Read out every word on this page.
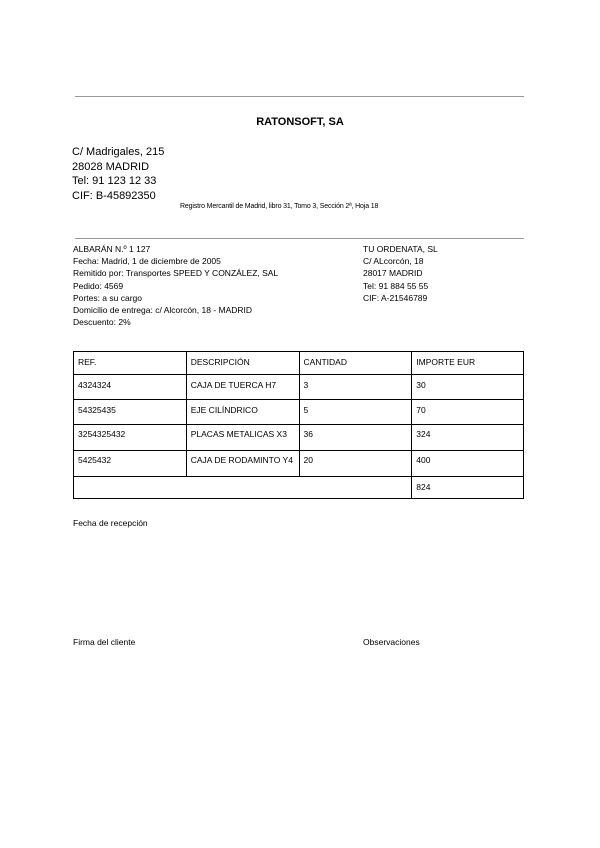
RATONSOFT, SA
C/ Madrigales, 215
28028 MADRID
Tel: 91 123 12 33
CIF: B-45892350
Registro Mercantil de Madrid, libro 31, Tomo 3, Sección 2ª, Hoja 18
ALBARÁN N.º 1 127
Fecha: Madrid, 1 de diciembre de 2005
Remitido por: Transportes SPEED Y CONZÁLEZ, SAL
Pedido: 4569
Portes: a su cargo
Domicilio de entrega: c/ Alcorcón, 18 - MADRID
Descuento: 2%
TU ORDENATA, SL
C/ ALcorcón, 18
28017 MADRID
Tel: 91 884 55 55
CIF: A-21546789
REF.	DESCRIPCIÓN	CANTIDAD	IMPORTE EUR
4324324	CAJA DE TUERCA H7	3	30
54325435	EJE CILÍNDRICO	5	70
3254325432	PLACAS METALICAS X3	36	324
5425432	CAJA DE RODAMINTO Y4	20	400
			824
Fecha de recepción
Firma del cliente	Observaciones
